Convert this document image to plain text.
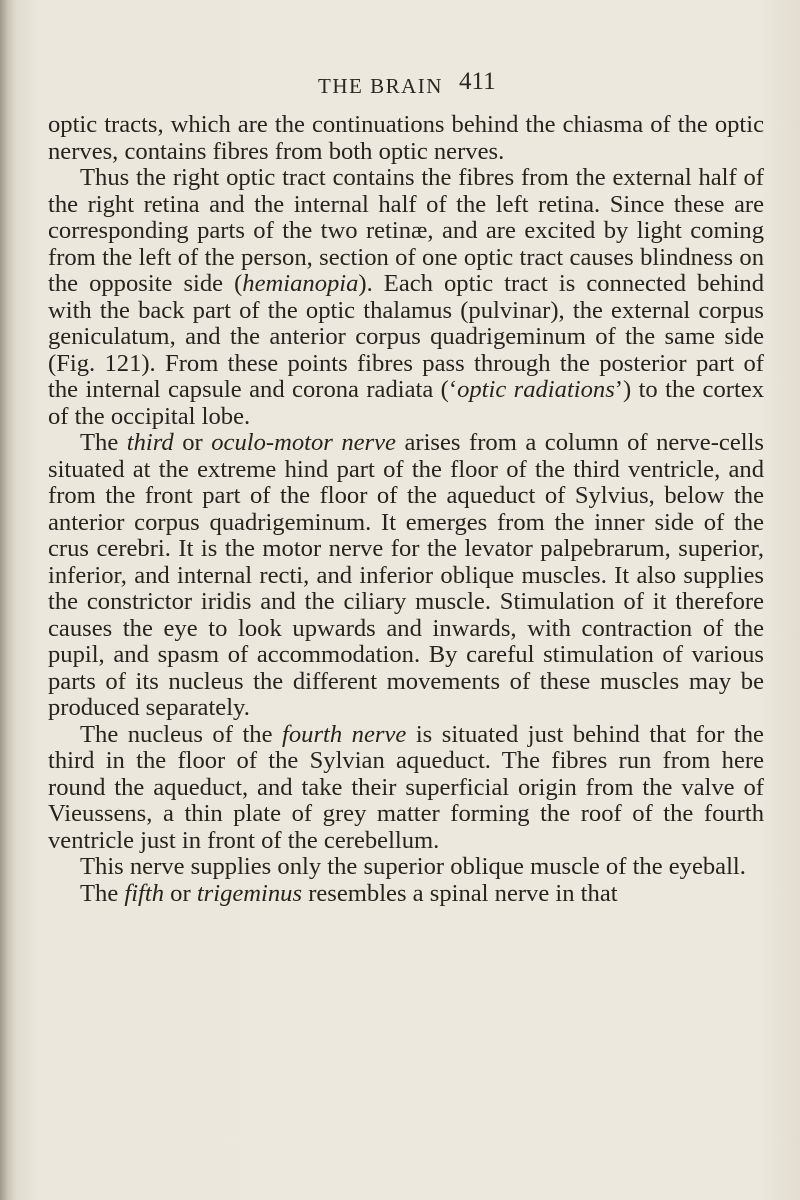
THE BRAIN 411

optic tracts, which are the continuations behind the chiasma of the optic nerves, contains fibres from both optic nerves.

Thus the right optic tract contains the fibres from the external half of the right retina and the internal half of the left retina. Since these are corresponding parts of the two retinæ, and are excited by light coming from the left of the person, section of one optic tract causes blindness on the opposite side (hemianopia). Each optic tract is connected behind with the back part of the optic thalamus (pulvinar), the external corpus geniculatum, and the anterior corpus quadrigeminum of the same side (Fig. 121). From these points fibres pass through the posterior part of the internal capsule and corona radiata (‘optic radiations’) to the cortex of the occipital lobe.

The third or oculo-motor nerve arises from a column of nerve-cells situated at the extreme hind part of the floor of the third ventricle, and from the front part of the floor of the aqueduct of Sylvius, below the anterior corpus quadrigeminum. It emerges from the inner side of the crus cerebri. It is the motor nerve for the levator palpebrarum, superior, inferior, and internal recti, and inferior oblique muscles. It also supplies the constrictor iridis and the ciliary muscle. Stimulation of it therefore causes the eye to look upwards and inwards, with contraction of the pupil, and spasm of accommodation. By careful stimulation of various parts of its nucleus the different movements of these muscles may be produced separately.

The nucleus of the fourth nerve is situated just behind that for the third in the floor of the Sylvian aqueduct. The fibres run from here round the aqueduct, and take their superficial origin from the valve of Vieussens, a thin plate of grey matter forming the roof of the fourth ventricle just in front of the cerebellum.

This nerve supplies only the superior oblique muscle of the eyeball.

The fifth or trigeminus resembles a spinal nerve in that
